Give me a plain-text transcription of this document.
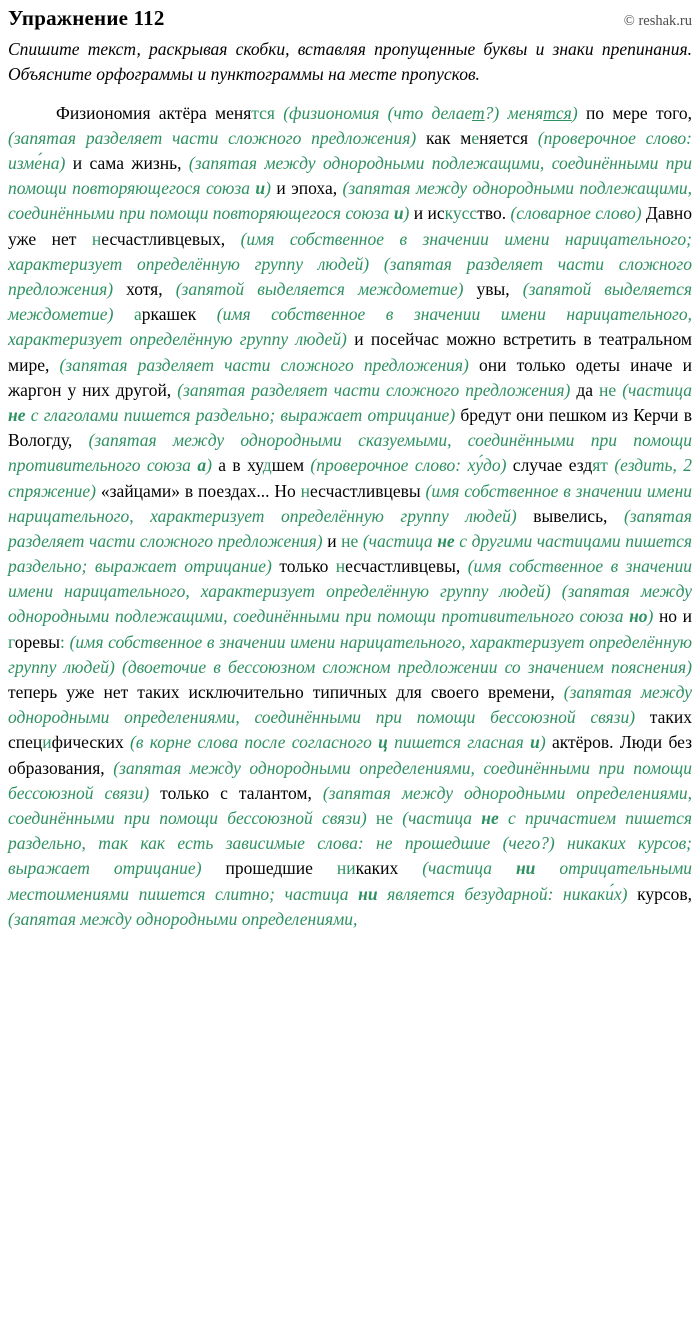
Упражнение 112	© reshak.ru

Спишите текст, раскрывая скобки, вставляя пропущенные буквы и знаки препинания. Объясните орфограммы и пунктограммы на месте пропусков.

Физиономия актёра менятся (физиономия (что делает?) менятся) по мере того, (запятая разделяет части сложного предложения) как меняется (проверочное слово: изме́на) и сама жизнь, (запятая между однородными подлежащими, соединёнными при помощи повторяющегося союза и) и эпоха, (запятая между однородными подлежащими, соединёнными при помощи повторяющегося союза и) и искусство. (словарное слово) Давно уже нет несчастливцевых, (имя собственное в значении имени нарицательного; характеризует определённую группу людей) (запятая разделяет части сложного предложения) хотя, (запятой выделяется междометие) увы, (запятой выделяется междометие) аркашек (имя собственное в значении имени нарицательного, характеризует определённую группу людей) и посейчас можно встретить в театральном мире, (запятая разделяет части сложного предложения) они только одеты иначе и жаргон у них другой, (запятая разделяет части сложного предложения) да не (частица не с глаголами пишется раздельно; выражает отрицание) бредут они пешком из Керчи в Вологду, (запятая между однородными сказуемыми, соединёнными при помощи противительного союза а) а в худшем (проверочное слово: ху́до) случае ездят (ездить, 2 спряжение) «зайцами» в поездах... Но несчастливцевы (имя собственное в значении имени нарицательного, характеризует определённую группу людей) вывелись, (запятая разделяет части сложного предложения) и не (частица не с другими частицами пишется раздельно; выражает отрицание) только несчастливцевы, (имя собственное в значении имени нарицательного, характеризует определённую группу людей) (запятая между однородными подлежащими, соединёнными при помощи противительного союза но) но и горевы: (имя собственное в значении имени нарицательного, характеризует определённую группу людей) (двоеточие в бессоюзном сложном предложении со значением пояснения) теперь уже нет таких исключительно типичных для своего времени, (запятая между однородными определениями, соединёнными при помощи бессоюзной связи) таких специфических (в корне слова после согласного ц пишется гласная и) актёров. Люди без образования, (запятая между однородными определениями, соединёнными при помощи бессоюзной связи) только с талантом, (запятая между однородными определениями, соединёнными при помощи бессоюзной связи) не (частица не с причастием пишется раздельно, так как есть зависимые слова: не прошедшие (чего?) никаких курсов; выражает отрицание) прошедшие никаких (частица ни отрицательными местоимениями пишется слитно; частица ни является безударной: никаки́х) курсов, (запятая между однородными определениями,
